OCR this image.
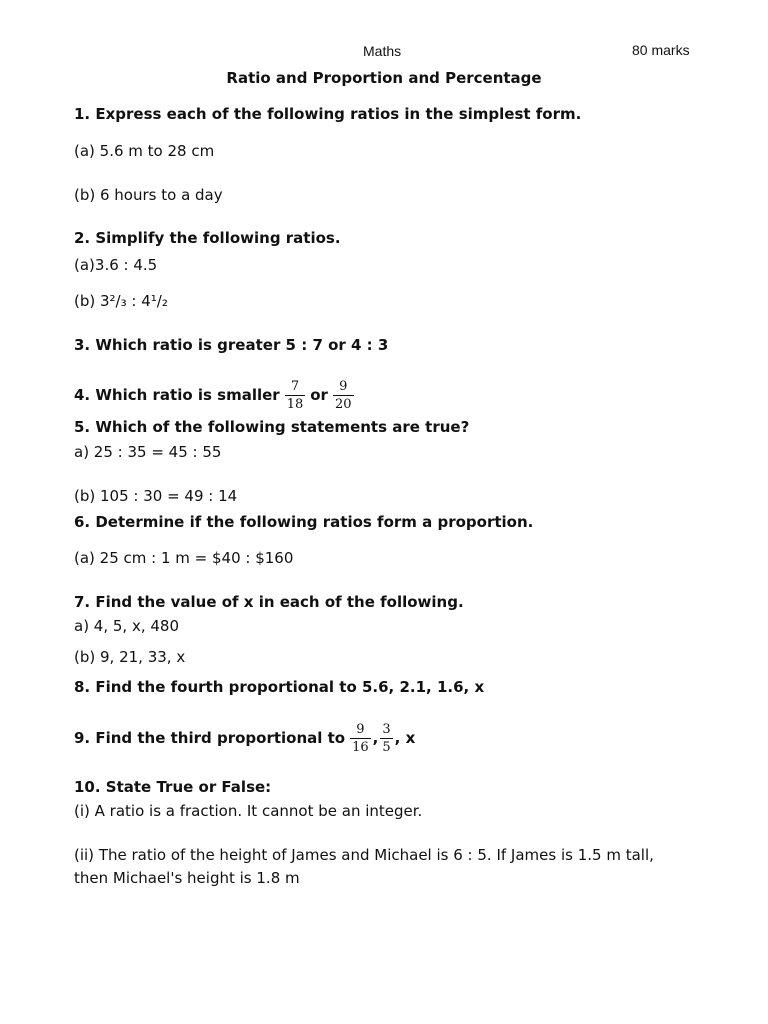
Maths	80 marks
Ratio and Proportion and Percentage
1. Express each of the following ratios in the simplest form.
(a) 5.6 m to 28 cm
(b) 6 hours to a day
2. Simplify the following ratios.
(a)3.6 : 4.5
(b) 3²/₃ : 4¹/₂
3. Which ratio is greater 5 : 7 or 4 : 3
4. Which ratio is smaller $\frac{7}{18}$ or $\frac{9}{20}$
5. Which of the following statements are true?
a) 25 : 35 = 45 : 55
(b) 105 : 30 = 49 : 14
6. Determine if the following ratios form a proportion.
(a) 25 cm : 1 m = $40 : $160
7. Find the value of x in each of the following.
a) 4, 5, x, 480
(b) 9, 21, 33, x
8. Find the fourth proportional to 5.6, 2.1, 1.6, x
9. Find the third proportional to $\frac{9}{16}$ , $\frac{3}{5}$ , x
10. State True or False:
(i) A ratio is a fraction. It cannot be an integer.
(ii) The ratio of the height of James and Michael is 6 : 5. If James is 1.5 m tall,
then Michael's height is 1.8 m
